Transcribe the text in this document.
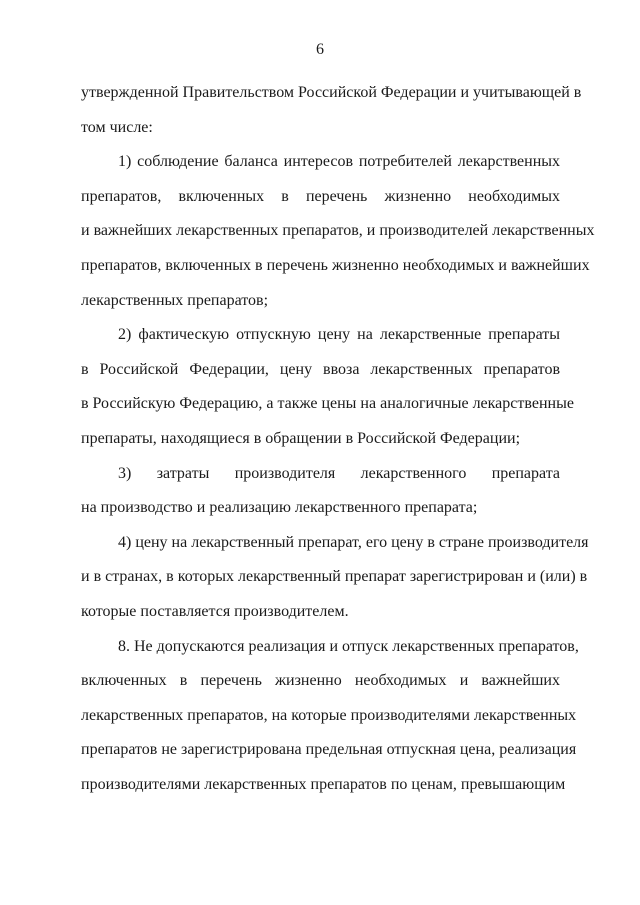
6
утвержденной Правительством Российской Федерации и учитывающей в
том числе:
1) соблюдение баланса интересов потребителей лекарственных
препаратов, включенных в перечень жизненно необходимых
и важнейших лекарственных препаратов, и производителей лекарственных
препаратов, включенных в перечень жизненно необходимых и важнейших
лекарственных препаратов;
2) фактическую отпускную цену на лекарственные препараты
в Российской Федерации, цену ввоза лекарственных препаратов
в Российскую Федерацию, а также цены на аналогичные лекарственные
препараты, находящиеся в обращении в Российской Федерации;
3) затраты производителя лекарственного препарата
на производство и реализацию лекарственного препарата;
4) цену на лекарственный препарат, его цену в стране производителя
и в странах, в которых лекарственный препарат зарегистрирован и (или) в
которые поставляется производителем.
8. Не допускаются реализация и отпуск лекарственных препаратов,
включенных в перечень жизненно необходимых и важнейших
лекарственных препаратов, на которые производителями лекарственных
препаратов не зарегистрирована предельная отпускная цена, реализация
производителями лекарственных препаратов по ценам, превышающим
